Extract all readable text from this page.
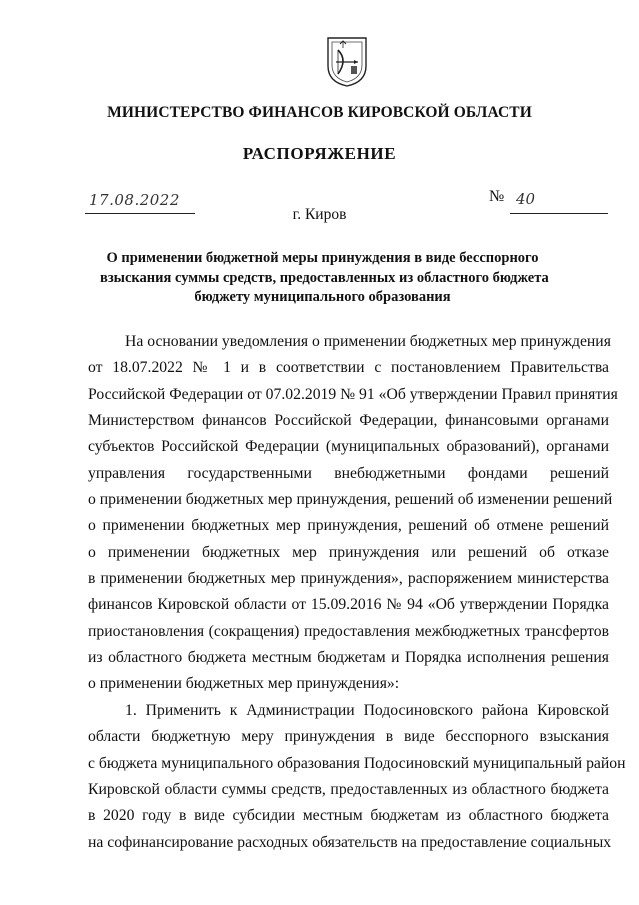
МИНИСТЕРСТВО ФИНАНСОВ КИРОВСКОЙ ОБЛАСТИ
РАСПОРЯЖЕНИЕ
17.08.2022	№ 40
г. Киров
О применении бюджетной меры принуждения в виде бесспорного
взыскания суммы средств, предоставленных из областного бюджета
бюджету муниципального образования
На основании уведомления о применении бюджетных мер принуждения
от 18.07.2022 № 1 и в соответствии с постановлением Правительства
Российской Федерации от 07.02.2019 № 91 «Об утверждении Правил принятия
Министерством финансов Российской Федерации, финансовыми органами
субъектов Российской Федерации (муниципальных образований), органами
управления государственными внебюджетными фондами решений
о применении бюджетных мер принуждения, решений об изменении решений
о применении бюджетных мер принуждения, решений об отмене решений
о применении бюджетных мер принуждения или решений об отказе
в применении бюджетных мер принуждения», распоряжением министерства
финансов Кировской области от 15.09.2016 № 94 «Об утверждении Порядка
приостановления (сокращения) предоставления межбюджетных трансфертов
из областного бюджета местным бюджетам и Порядка исполнения решения
о применении бюджетных мер принуждения»:
1. Применить к Администрации Подосиновского района Кировской
области бюджетную меру принуждения в виде бесспорного взыскания
с бюджета муниципального образования Подосиновский муниципальный район
Кировской области суммы средств, предоставленных из областного бюджета
в 2020 году в виде субсидии местным бюджетам из областного бюджета
на софинансирование расходных обязательств на предоставление социальных
